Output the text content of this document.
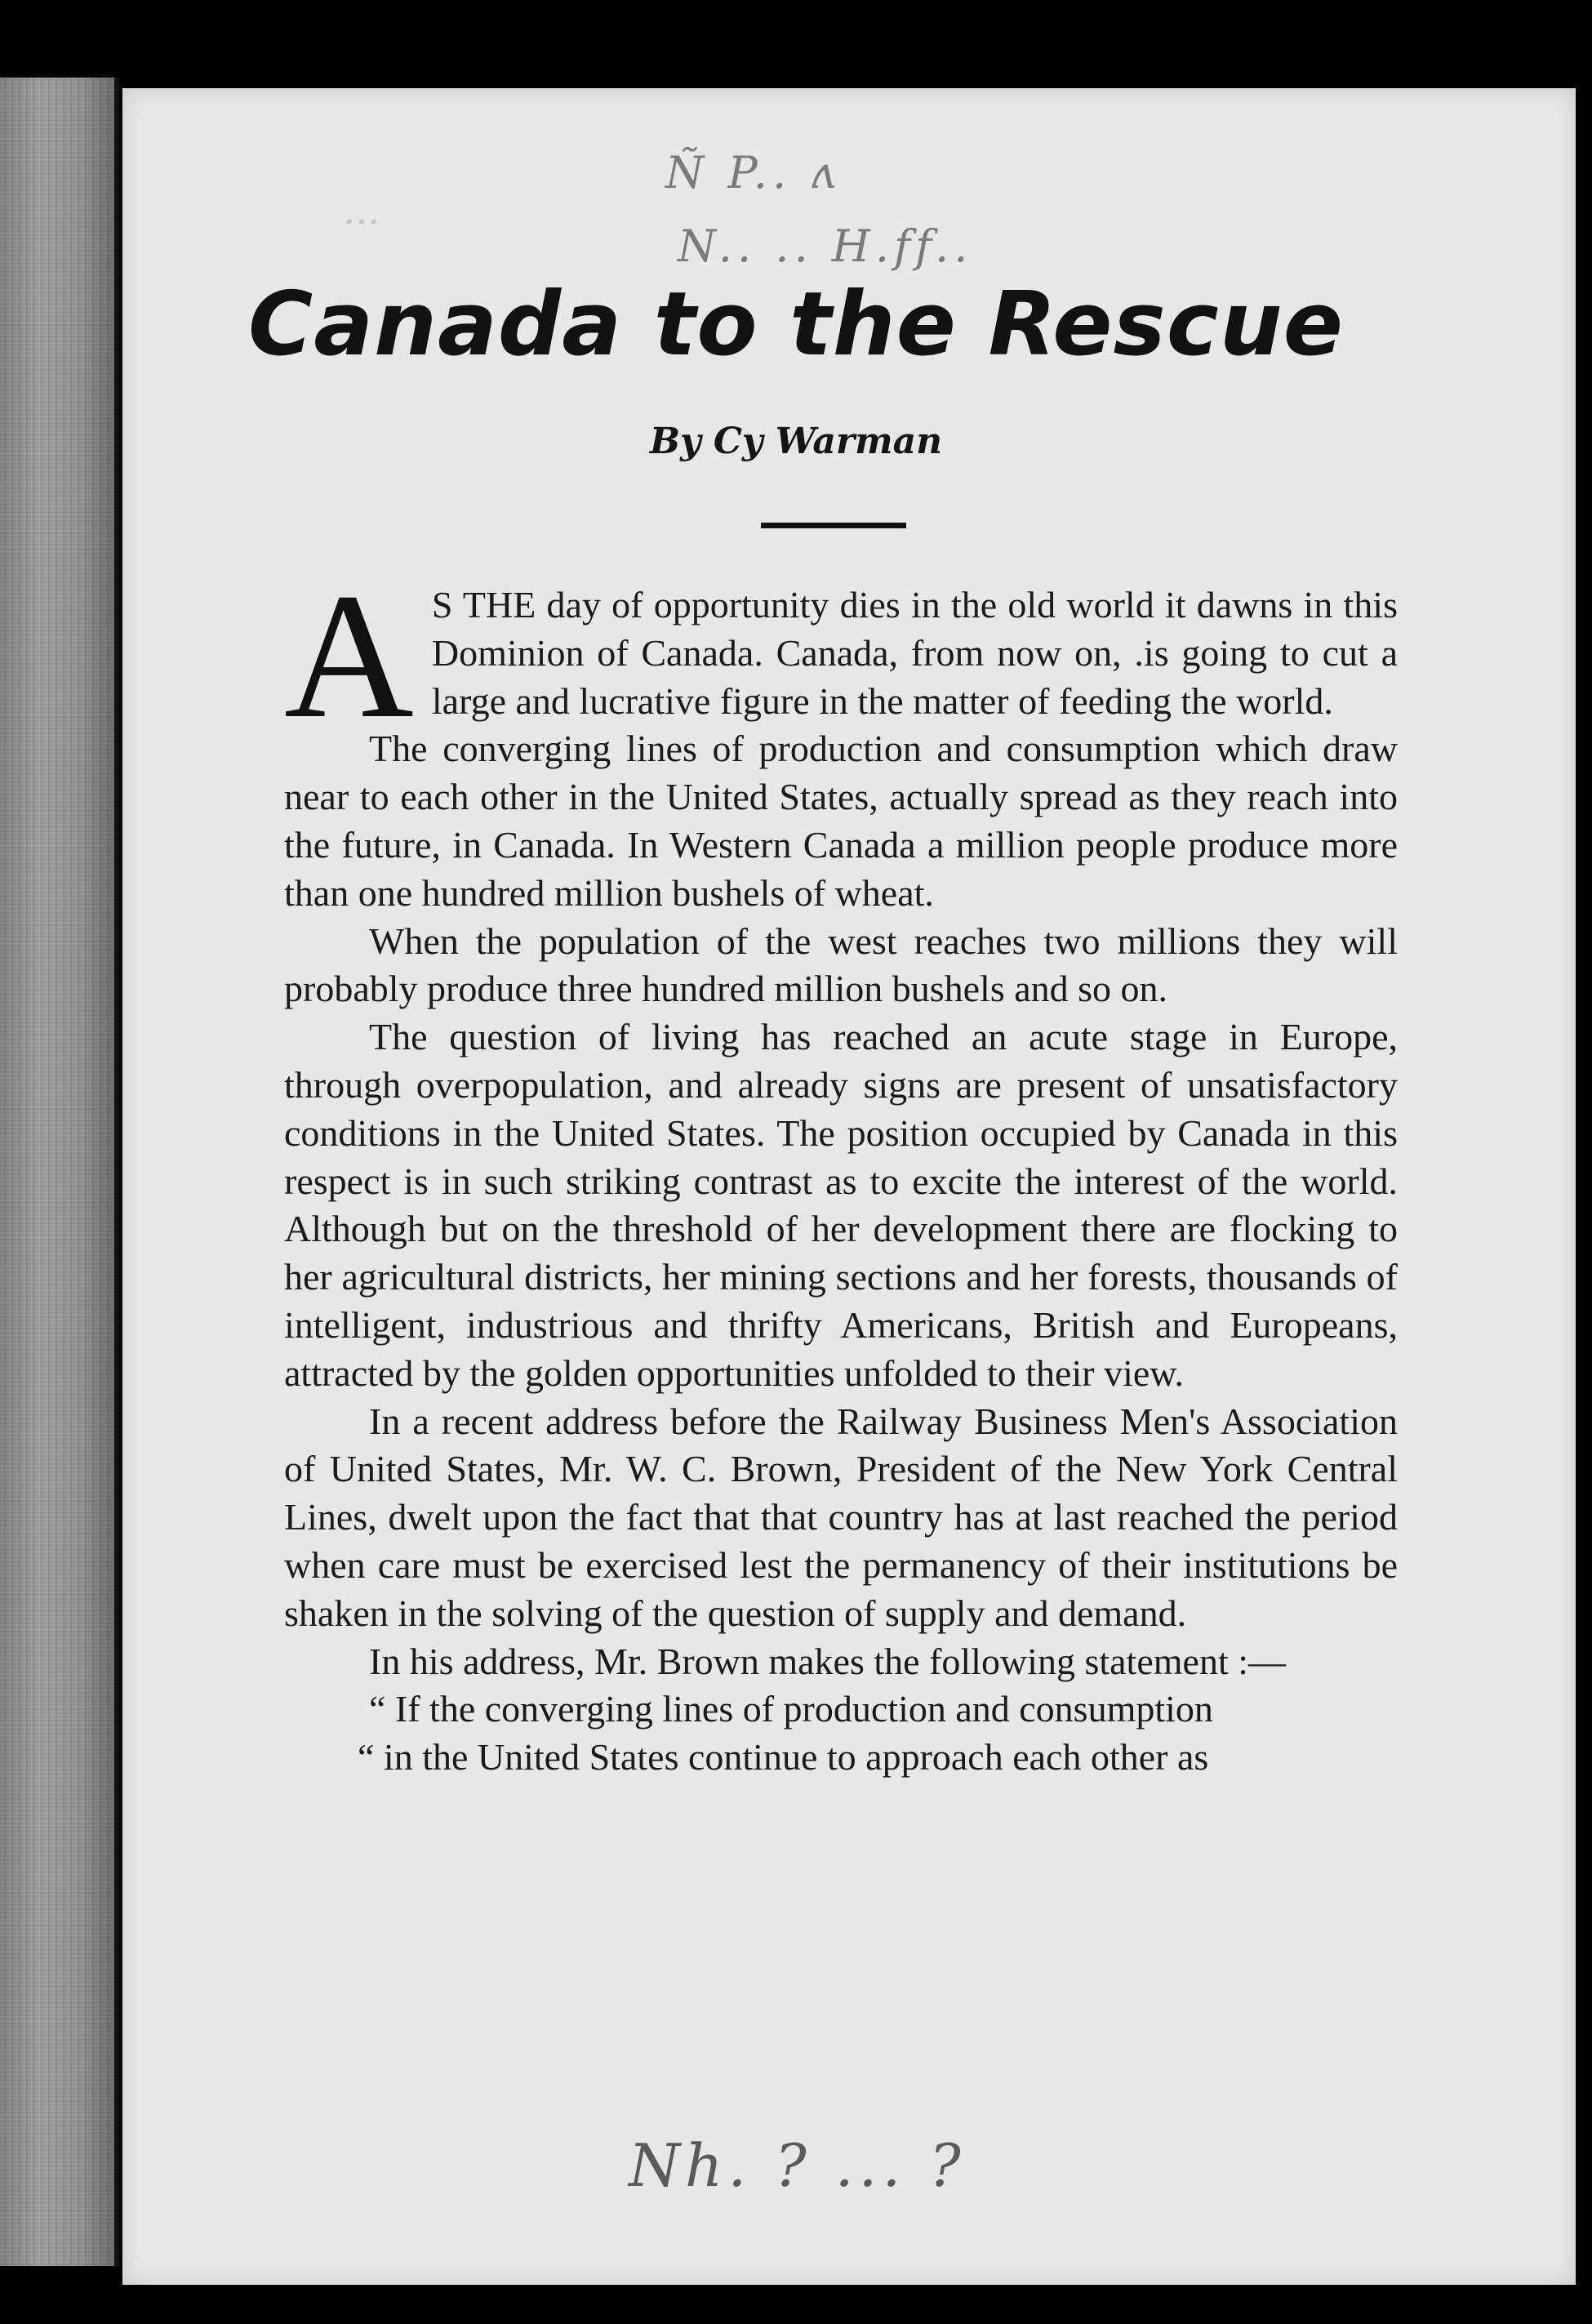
...
Ñ P.. ʌ
N.. .. H.ff..
Canada to the Rescue
By Cy Warman

A S THE day of opportunity dies in the old world it dawns in this Dominion of Canada. Canada, from now on, .is going to cut a large and lucrative figure in the matter of feeding the world.

The converging lines of production and consumption which draw near to each other in the United States, actually spread as they reach into the future, in Canada. In Western Canada a million people produce more than one hundred million bushels of wheat.

When the population of the west reaches two millions they will probably produce three hundred million bushels and so on.

The question of living has reached an acute stage in Europe, through overpopulation, and already signs are present of unsatisfactory conditions in the United States. The position occupied by Canada in this respect is in such striking contrast as to excite the interest of the world. Although but on the threshold of her development there are flocking to her agricultural districts, her mining sections and her forests, thousands of intelligent, industrious and thrifty Americans, British and Europeans, attracted by the golden opportunities unfolded to their view.

In a recent address before the Railway Business Men's Association of United States, Mr. W. C. Brown, President of the New York Central Lines, dwelt upon the fact that that country has at last reached the period when care must be exercised lest the permanency of their institutions be shaken in the solving of the question of supply and demand.

In his address, Mr. Brown makes the following statement :—

“ If the converging lines of production and consumption

“ in the United States continue to approach each other as

Nh. ? ... ?
